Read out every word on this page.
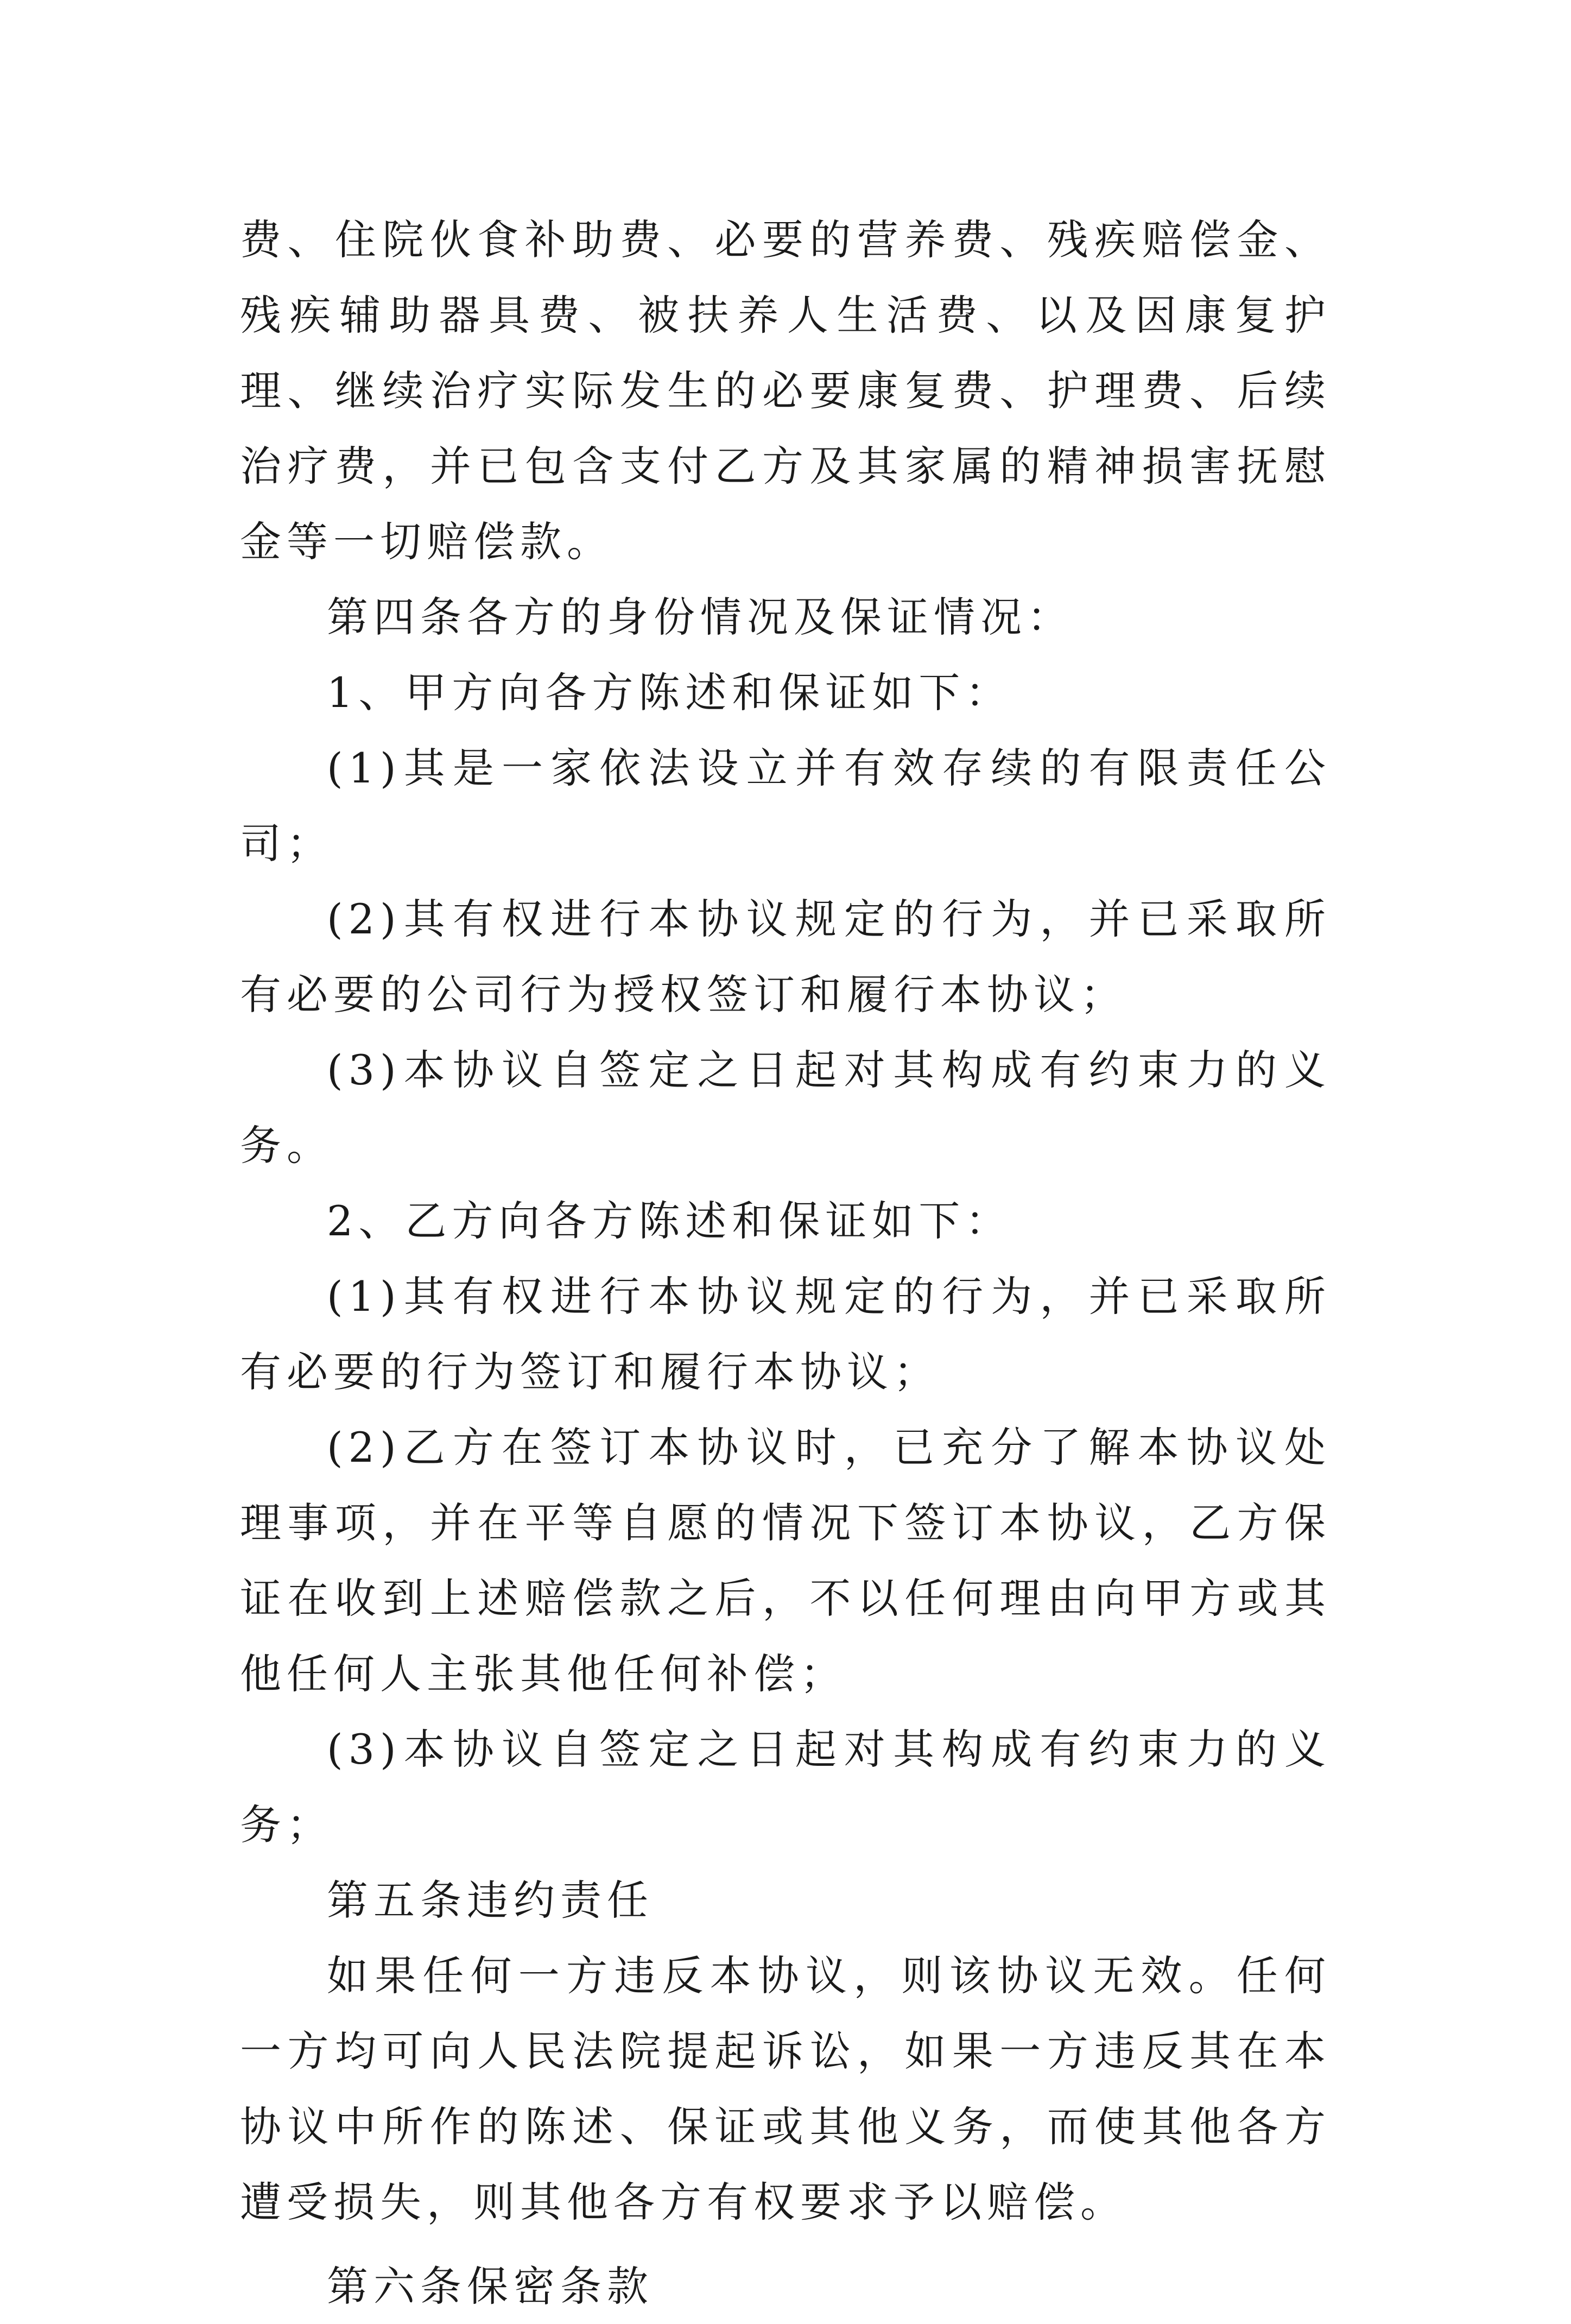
费、住院伙食补助费、必要的营养费、残疾赔偿金、残疾辅助器具费、被扶养人生活费、以及因康复护理、继续治疗实际发生的必要康复费、护理费、后续治疗费，并已包含支付乙方及其家属的精神损害抚慰金等一切赔偿款。

第四条各方的身份情况及保证情况：

1、甲方向各方陈述和保证如下：

(1)其是一家依法设立并有效存续的有限责任公司；

(2)其有权进行本协议规定的行为，并已采取所有必要的公司行为授权签订和履行本协议；

(3)本协议自签定之日起对其构成有约束力的义务。

2、乙方向各方陈述和保证如下：

(1)其有权进行本协议规定的行为，并已采取所有必要的行为签订和履行本协议；

(2)乙方在签订本协议时，已充分了解本协议处理事项，并在平等自愿的情况下签订本协议，乙方保证在收到上述赔偿款之后，不以任何理由向甲方或其他任何人主张其他任何补偿；

(3)本协议自签定之日起对其构成有约束力的义务；

第五条违约责任

如果任何一方违反本协议，则该协议无效。任何一方均可向人民法院提起诉讼，如果一方违反其在本协议中所作的陈述、保证或其他义务，而使其他各方遭受损失，则其他各方有权要求予以赔偿。

第六条保密条款
